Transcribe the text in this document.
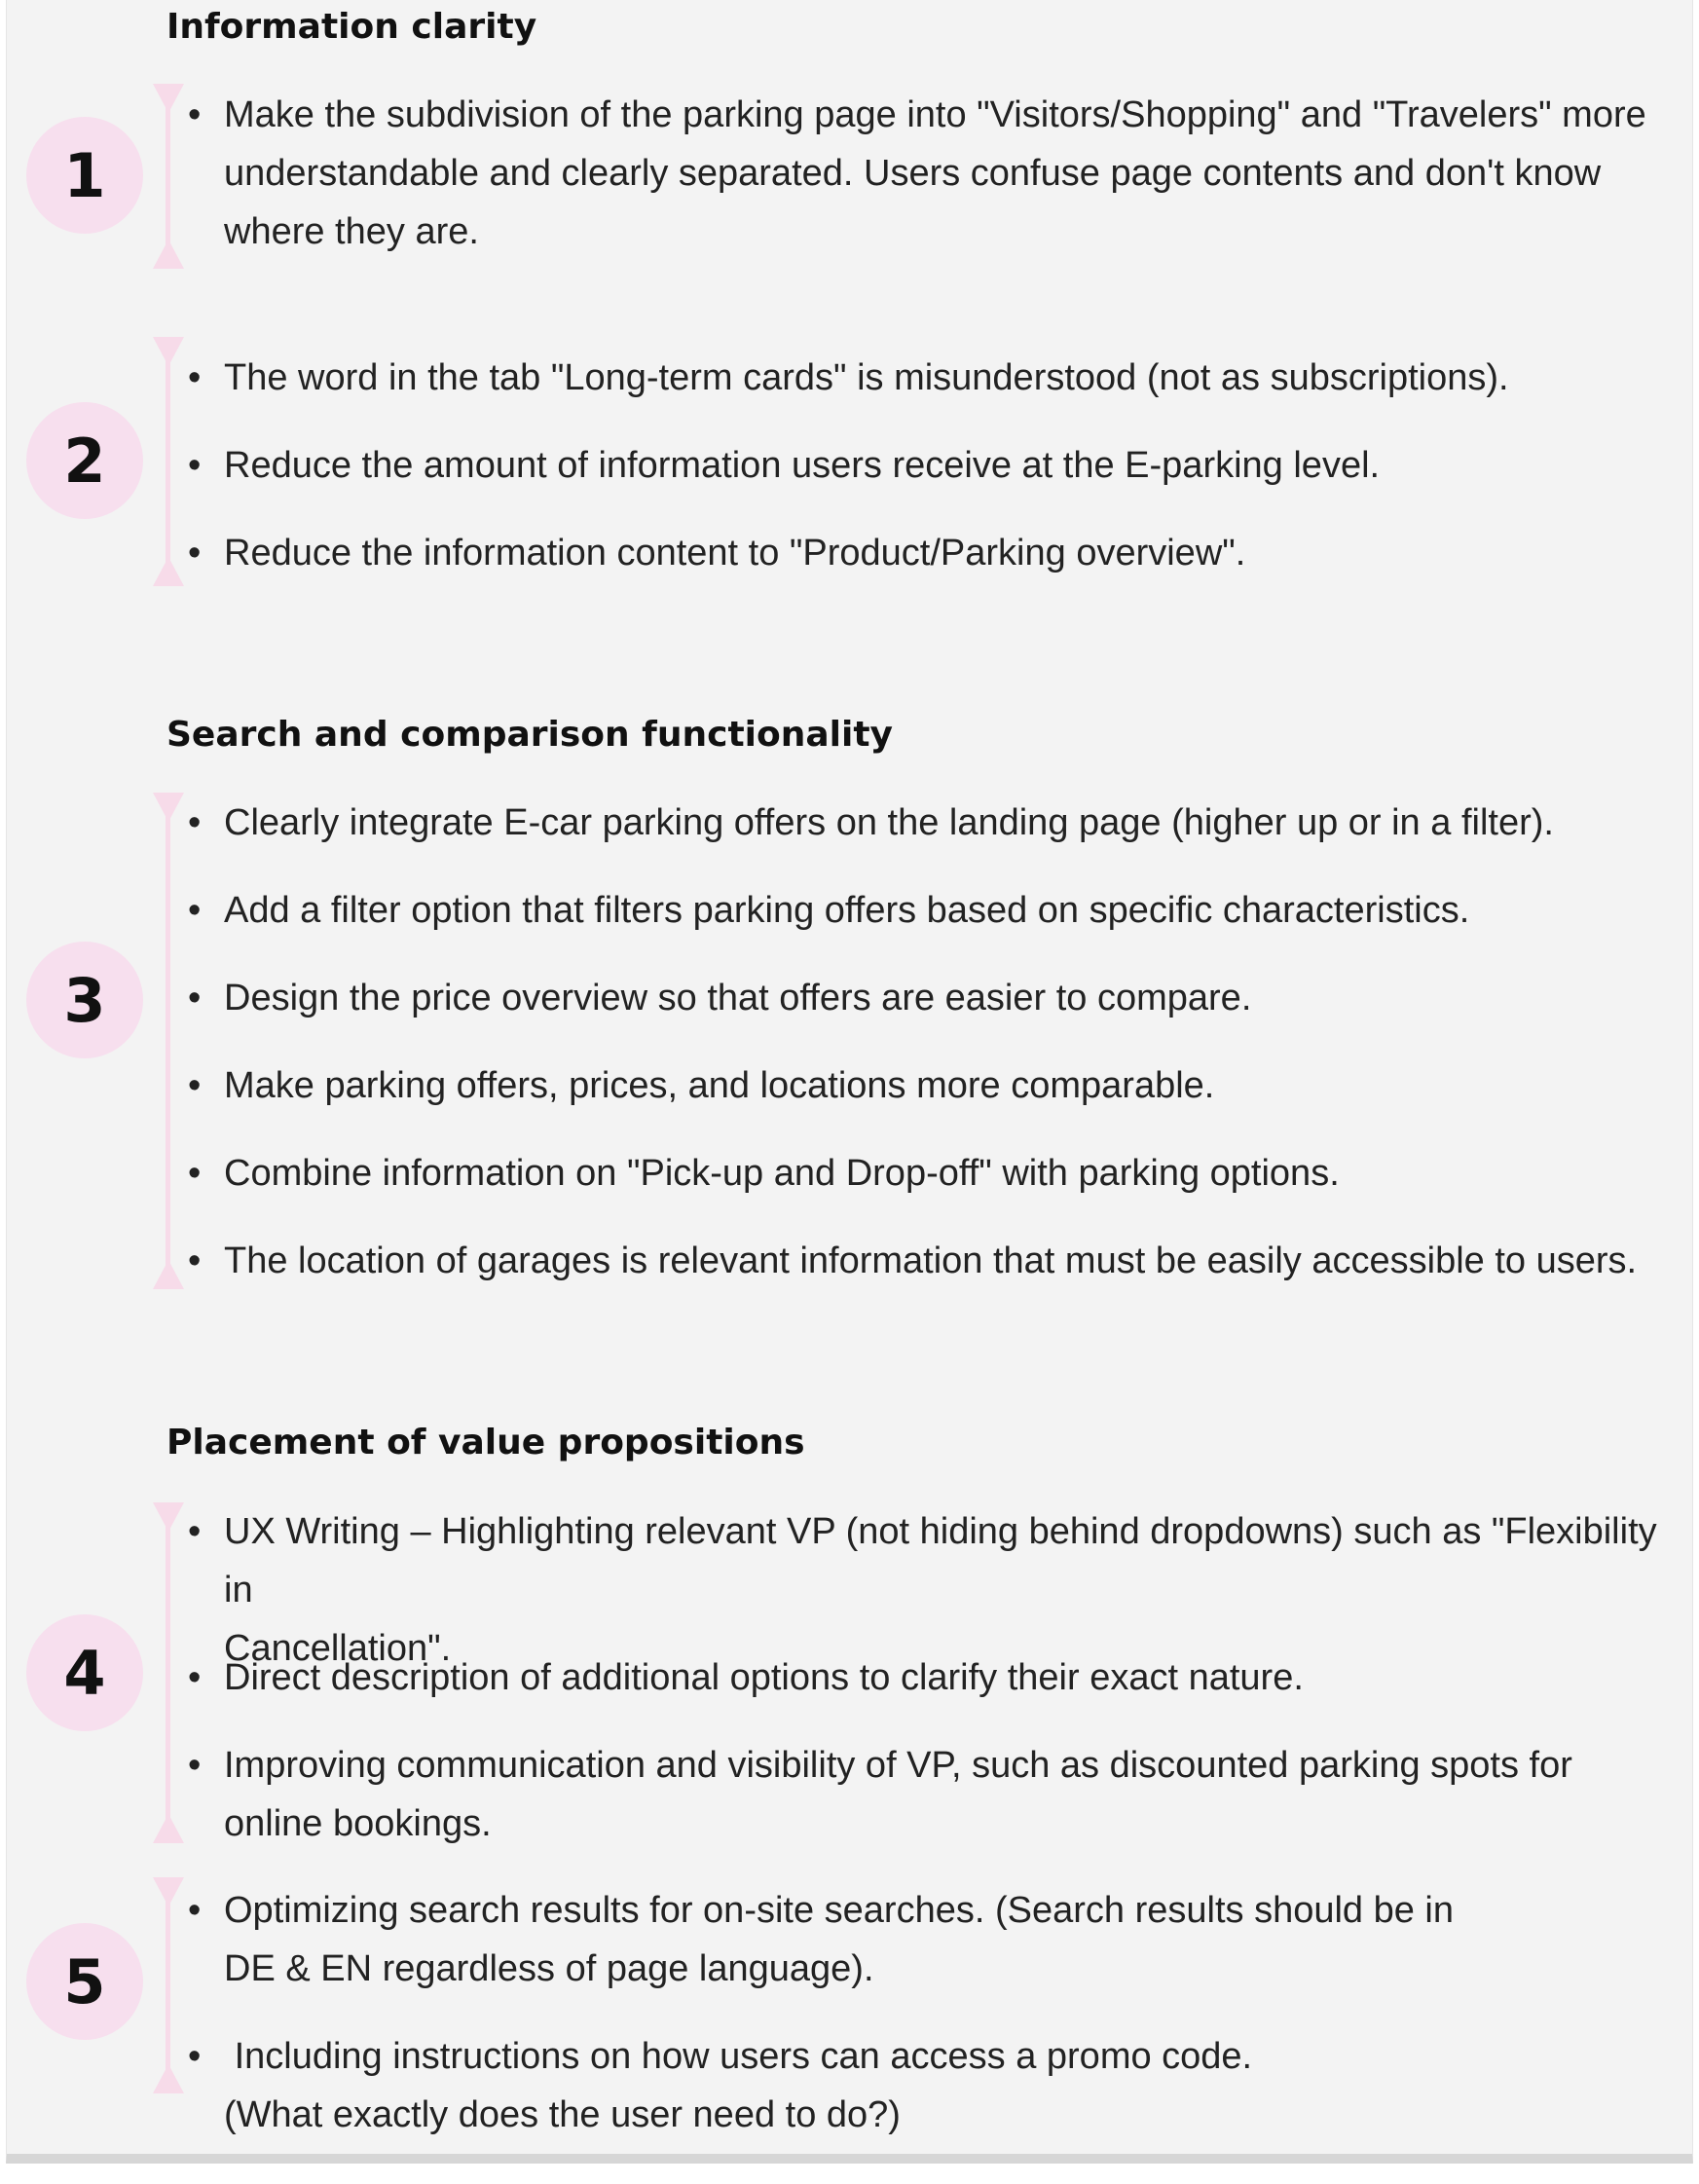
Information clarity
1
• Make the subdivision of the parking page into "Visitors/Shopping" and "Travelers" more
understandable and clearly separated. Users confuse page contents and don't know
where they are.
2
• The word in the tab "Long-term cards" is misunderstood (not as subscriptions).
• Reduce the amount of information users receive at the E-parking level.
• Reduce the information content to "Product/Parking overview".
Search and comparison functionality
3
• Clearly integrate E-car parking offers on the landing page (higher up or in a filter).
• Add a filter option that filters parking offers based on specific characteristics.
• Design the price overview so that offers are easier to compare.
• Make parking offers, prices, and locations more comparable.
• Combine information on "Pick-up and Drop-off" with parking options.
• The location of garages is relevant information that must be easily accessible to users.
Placement of value propositions
4
• UX Writing – Highlighting relevant VP (not hiding behind dropdowns) such as "Flexibility in
Cancellation".
• Direct description of additional options to clarify their exact nature.
• Improving communication and visibility of VP, such as discounted parking spots for
online bookings.
5
• Optimizing search results for on-site searches. (Search results should be in
DE & EN regardless of page language).
• Including instructions on how users can access a promo code.
(What exactly does the user need to do?)
